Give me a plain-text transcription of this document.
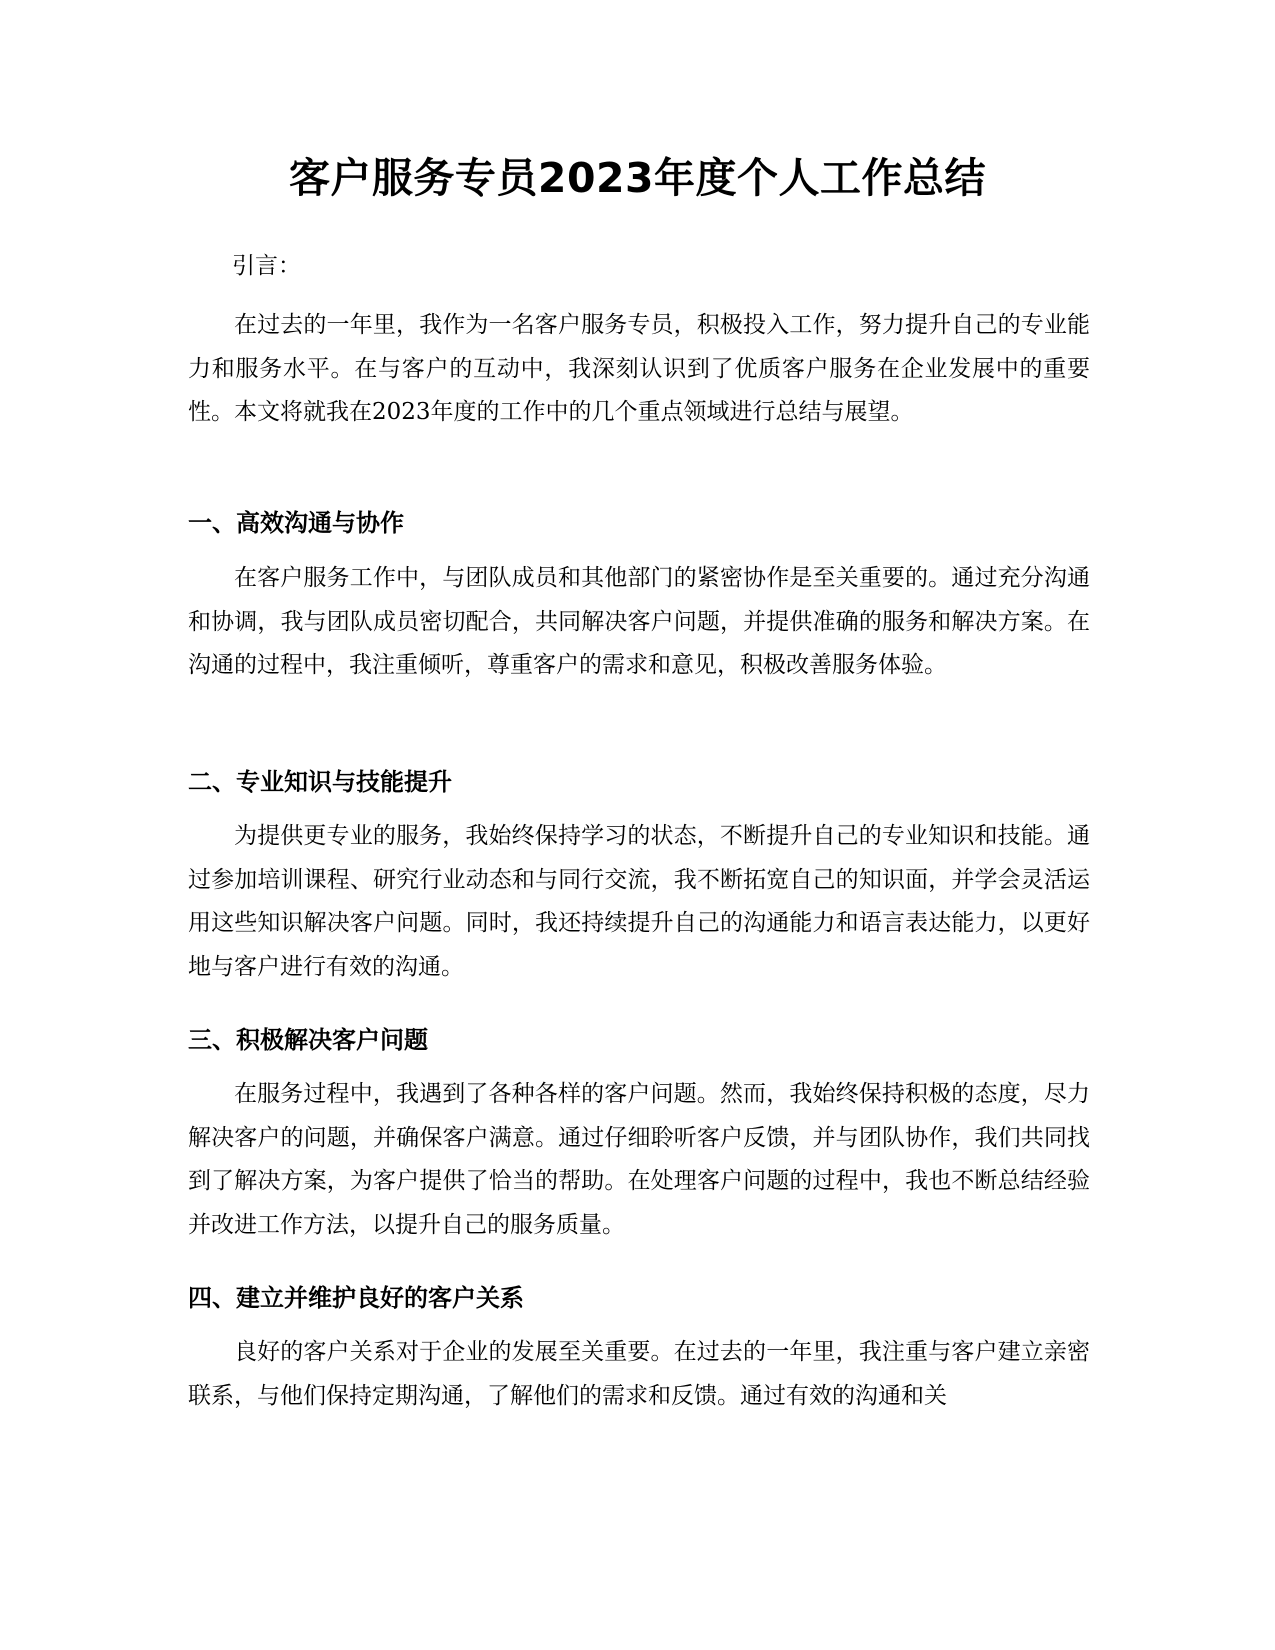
客户服务专员2023年度个人工作总结

引言：

在过去的一年里，我作为一名客户服务专员，积极投入工作，努力提升自己的专业能力和服务水平。在与客户的互动中，我深刻认识到了优质客户服务在企业发展中的重要性。本文将就我在2023年度的工作中的几个重点领域进行总结与展望。

一、高效沟通与协作

在客户服务工作中，与团队成员和其他部门的紧密协作是至关重要的。通过充分沟通和协调，我与团队成员密切配合，共同解决客户问题，并提供准确的服务和解决方案。在沟通的过程中，我注重倾听，尊重客户的需求和意见，积极改善服务体验。

二、专业知识与技能提升

为提供更专业的服务，我始终保持学习的状态，不断提升自己的专业知识和技能。通过参加培训课程、研究行业动态和与同行交流，我不断拓宽自己的知识面，并学会灵活运用这些知识解决客户问题。同时，我还持续提升自己的沟通能力和语言表达能力，以更好地与客户进行有效的沟通。

三、积极解决客户问题

在服务过程中，我遇到了各种各样的客户问题。然而，我始终保持积极的态度，尽力解决客户的问题，并确保客户满意。通过仔细聆听客户反馈，并与团队协作，我们共同找到了解决方案，为客户提供了恰当的帮助。在处理客户问题的过程中，我也不断总结经验并改进工作方法，以提升自己的服务质量。

四、建立并维护良好的客户关系

良好的客户关系对于企业的发展至关重要。在过去的一年里，我注重与客户建立亲密联系，与他们保持定期沟通，了解他们的需求和反馈。通过有效的沟通和关
